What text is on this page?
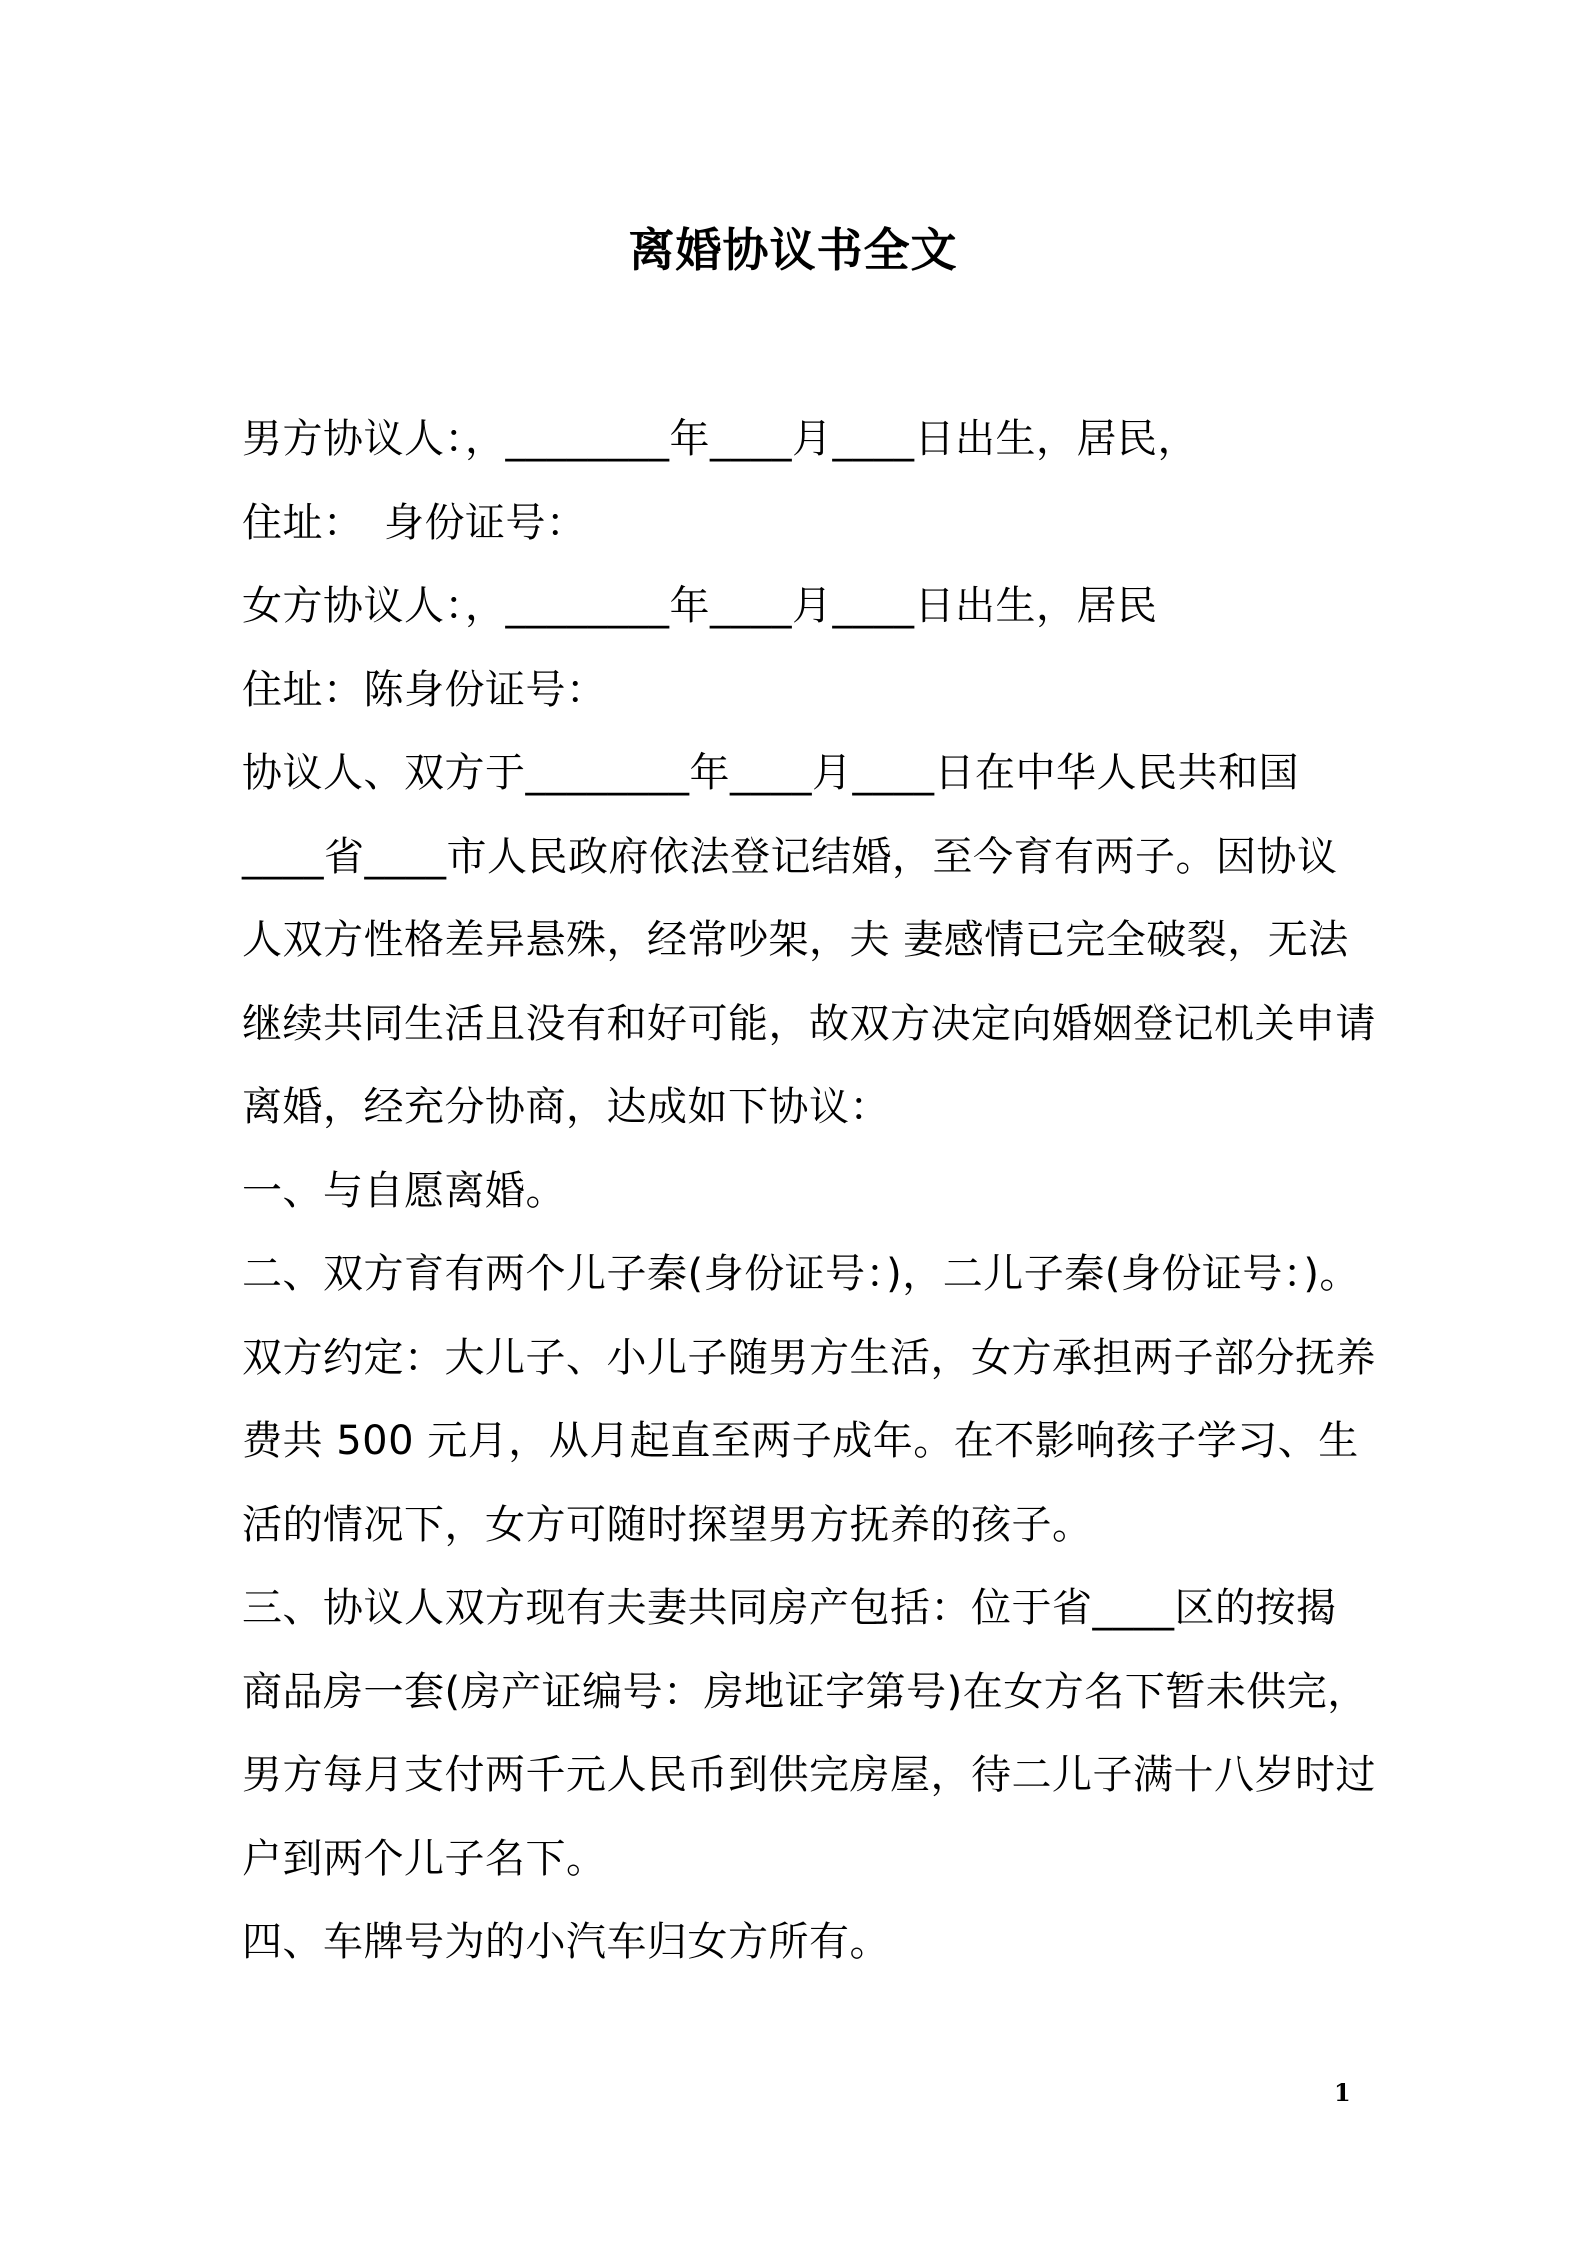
离婚协议书全文
男方协议人：，________年____月____日出生，居民，
住址：　身份证号：
女方协议人：，________年____月____日出生，居民
住址：陈身份证号：
协议人、双方于________年____月____日在中华人民共和国
____省____市人民政府依法登记结婚，至今育有两子。因协议
人双方性格差异悬殊，经常吵架，夫 妻感情已完全破裂，无法
继续共同生活且没有和好可能，故双方决定向婚姻登记机关申请
离婚，经充分协商，达成如下协议：
一、与自愿离婚。
二、双方育有两个儿子秦(身份证号：)，二儿子秦(身份证号：)。
双方约定：大儿子、小儿子随男方生活，女方承担两子部分抚养
费共 500 元月，从月起直至两子成年。在不影响孩子学习、生
活的情况下，女方可随时探望男方抚养的孩子。
三、协议人双方现有夫妻共同房产包括：位于省____区的按揭
商品房一套(房产证编号：房地证字第号)在女方名下暂未供完，
男方每月支付两千元人民币到供完房屋，待二儿子满十八岁时过
户到两个儿子名下。
四、车牌号为的小汽车归女方所有。
1
